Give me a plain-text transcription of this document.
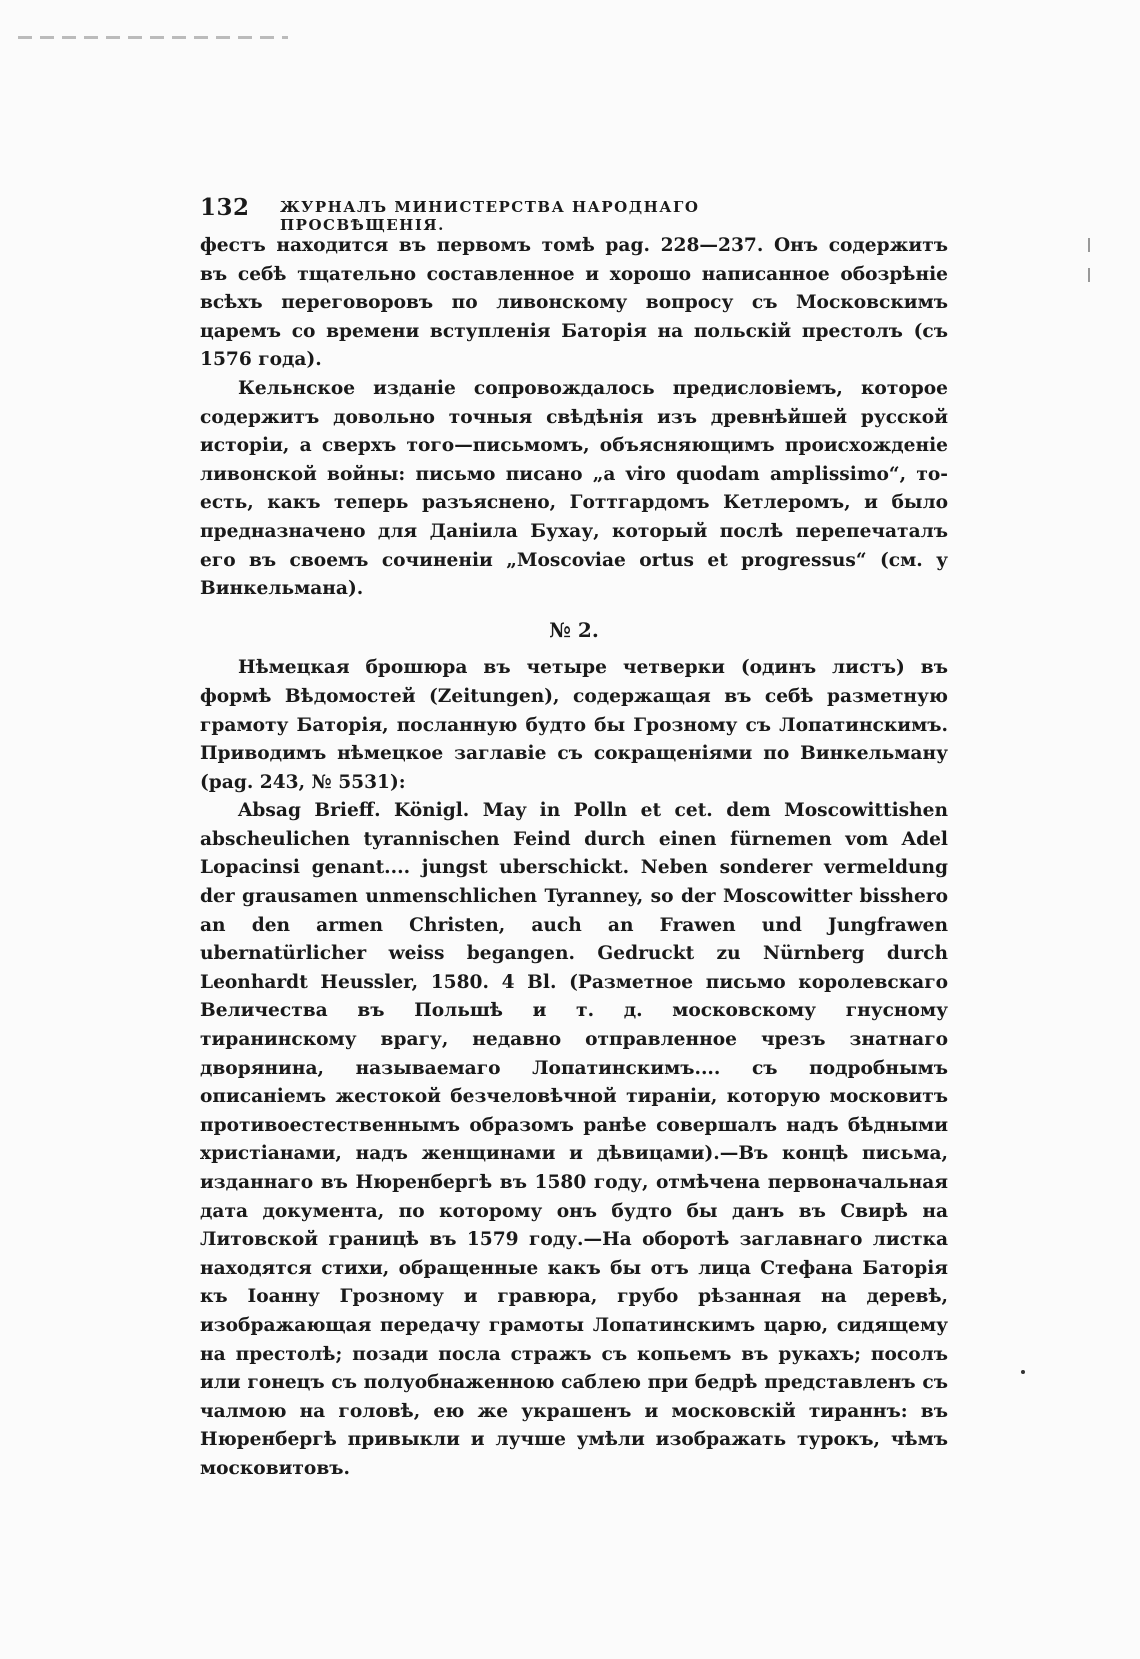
132 ЖУРНАЛЪ МИНИСТЕРСТВА НАРОДНАГО ПРОСВѢЩЕНІЯ.

фестъ находится въ первомъ томѣ pag. 228—237. Онъ содержитъ въ себѣ тщательно составленное и хорошо написанное обозрѣніе всѣхъ переговоровъ по ливонскому вопросу съ Московскимъ царемъ со времени вступленія Баторія на польскій престолъ (съ 1576 года).

Кельнское изданіе сопровождалось предисловіемъ, которое содержитъ довольно точныя свѣдѣнія изъ древнѣйшей русской исторіи, а сверхъ того—письмомъ, объясняющимъ происхожденіе ливонской войны: письмо писано „a viro quodam amplissimo“, то-есть, какъ теперь разъяснено, Готтгардомъ Кетлеромъ, и было предназначено для Даніила Бухау, который послѣ перепечаталъ его въ своемъ сочиненіи „Moscoviae ortus et progressus“ (см. у Винкельмана).

№ 2.

Нѣмецкая брошюра въ четыре четверки (одинъ листъ) въ формѣ Вѣдомостей (Zeitungen), содержащая въ себѣ разметную грамоту Баторія, посланную будто бы Грозному съ Лопатинскимъ. Приводимъ нѣмецкое заглавіе съ сокращеніями по Винкельману (pag. 243, № 5531):

Absag Brieff. Königl. May in Polln et cet. dem Moscowittishen abscheulichen tyrannischen Feind durch einen fürnemen vom Adel Lopacinsi genant.... jungst uberschickt. Neben sonderer vermeldung der grausamen unmenschlichen Tyranney, so der Moscowitter bisshero an den armen Christen, auch an Frawen und Jungfrawen ubernatürlicher weiss begangen. Gedruckt zu Nürnberg durch Leonhardt Heussler, 1580. 4 Bl. (Разметное письмо королевскаго Величества въ Польшѣ и т. д. московскому гнусному тиранинскому врагу, недавно отправленное чрезъ знатнаго дворянина, называемаго Лопатинскимъ.... съ подробнымъ описаніемъ жестокой безчеловѣчной тираніи, которую московитъ противоестественнымъ образомъ ранѣе совершалъ надъ бѣдными христіанами, надъ женщинами и дѣвицами).—Въ концѣ письма, изданнаго въ Нюренбергѣ въ 1580 году, отмѣчена первоначальная дата документа, по которому онъ будто бы данъ въ Свирѣ на Литовской границѣ въ 1579 году.—На оборотѣ заглавнаго листка находятся стихи, обращенные какъ бы отъ лица Стефана Баторія къ Іоанну Грозному и гравюра, грубо рѣзанная на деревѣ, изображающая передачу грамоты Лопатинскимъ царю, сидящему на престолѣ; позади посла стражъ съ копьемъ въ рукахъ; посолъ или гонецъ съ полуобнаженною саблею при бедрѣ представленъ съ чалмою на головѣ, ею же украшенъ и московскій тираннъ: въ Нюренбергѣ привыкли и лучше умѣли изображать турокъ, чѣмъ московитовъ.
